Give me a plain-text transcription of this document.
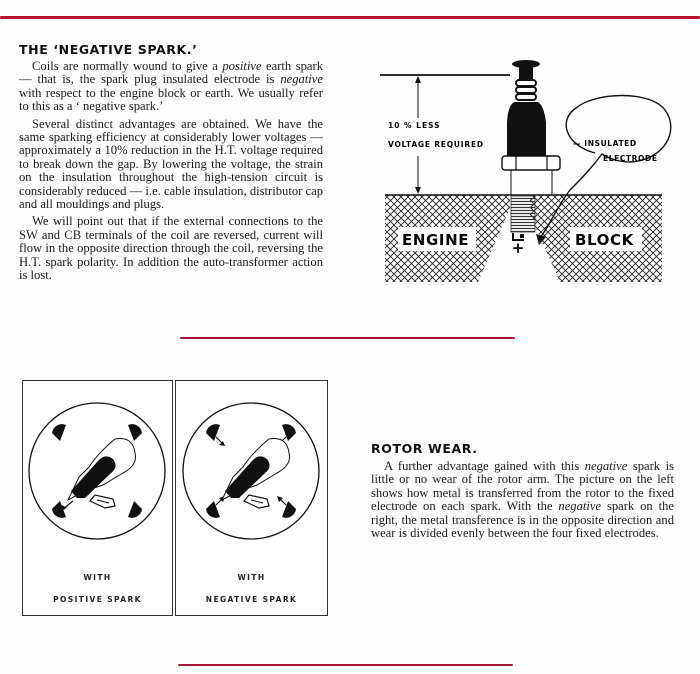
THE ‘NEGATIVE SPARK.’

Coils are normally wound to give a positive earth spark — that is, the spark plug insulated electrode is negative with respect to the engine block or earth. We usually refer to this as a ‘ negative spark.’

Several distinct advantages are obtained. We have the same sparking efficiency at considerably lower voltages — approximately a 10% reduction in the H.T. voltage required to break down the gap. By lowering the voltage, the strain on the insulation throughout the high-tension circuit is considerably reduced — i.e. cable insulation, distributor cap and all mouldings and plugs.

We will point out that if the external connections to the SW and CB terminals of the coil are reversed, current will flow in the opposite direction through the coil, reversing the H.T. spark polarity. In addition the auto-transformer action is lost.

+
10 % LESS
VOLTAGE REQUIRED	— INSULATED
ELECTRODE
ENGINE	BLOCK
WITH
POSITIVE SPARK
WITH
NEGATIVE SPARK
ROTOR WEAR.

A further advantage gained with this negative spark is little or no wear of the rotor arm. The picture on the left shows how metal is transferred from the rotor to the fixed electrode on each spark. With the negative spark on the right, the metal transference is in the opposite direction and wear is divided evenly between the four fixed electrodes.
